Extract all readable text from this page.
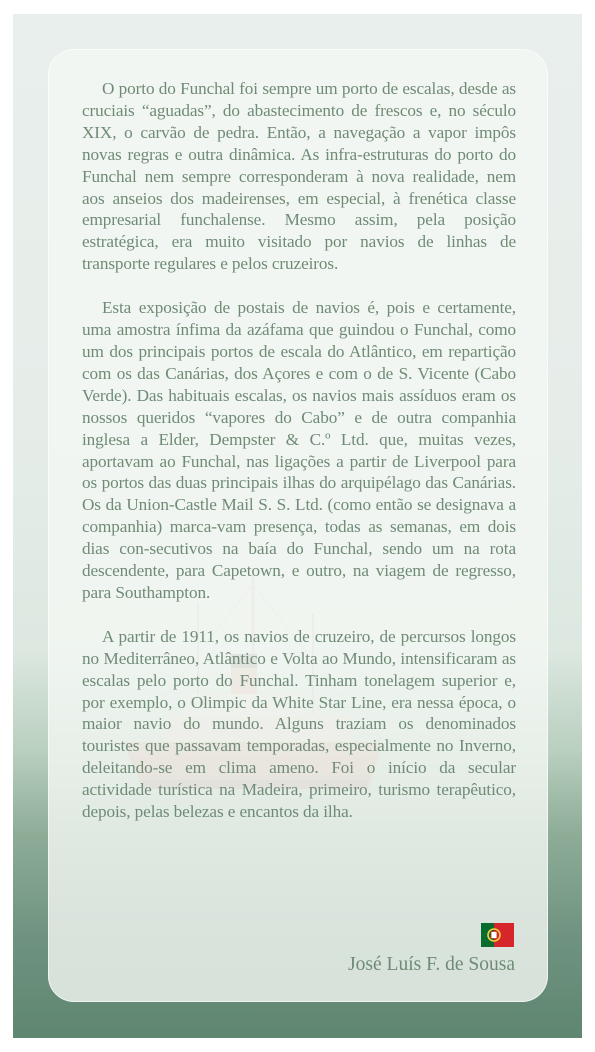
O porto do Funchal foi sempre um porto de escalas, desde as cruciais “aguadas”, do abastecimento de frescos e, no século XIX, o carvão de pedra. Então, a navegação a vapor impôs novas regras e outra dinâmica. As infra-estruturas do porto do Funchal nem sempre corresponderam à nova realidade, nem aos anseios dos madeirenses, em especial, à frenética classe empresarial funchalense. Mesmo assim, pela posição estratégica, era muito visitado por navios de linhas de transporte regulares e pelos cruzeiros.

Esta exposição de postais de navios é, pois e certamente, uma amostra ínfima da azáfama que guindou o Funchal, como um dos principais portos de escala do Atlântico, em repartição com os das Canárias, dos Açores e com o de S. Vicente (Cabo Verde). Das habituais escalas, os navios mais assíduos eram os nossos queridos “vapores do Cabo” e de outra companhia inglesa a Elder, Dempster & C.º Ltd. que, muitas vezes, aportavam ao Funchal, nas ligações a partir de Liverpool para os portos das duas principais ilhas do arquipélago das Canárias. Os da Union-Castle Mail S. S. Ltd. (como então se designava a companhia) marca-vam presença, todas as semanas, em dois dias con-secutivos na baía do Funchal, sendo um na rota descendente, para Capetown, e outro, na viagem de regresso, para Southampton.

A partir de 1911, os navios de cruzeiro, de percursos longos no Mediterrâneo, Atlântico e Volta ao Mundo, intensificaram as escalas pelo porto do Funchal. Tinham tonelagem superior e, por exemplo, o Olimpic da White Star Line, era nessa época, o maior navio do mundo. Alguns traziam os denominados touristes que passavam temporadas, especialmente no Inverno, deleitando-se em clima ameno. Foi o início da secular actividade turística na Madeira, primeiro, turismo terapêutico, depois, pelas belezas e encantos da ilha.

José Luís F. de Sousa
